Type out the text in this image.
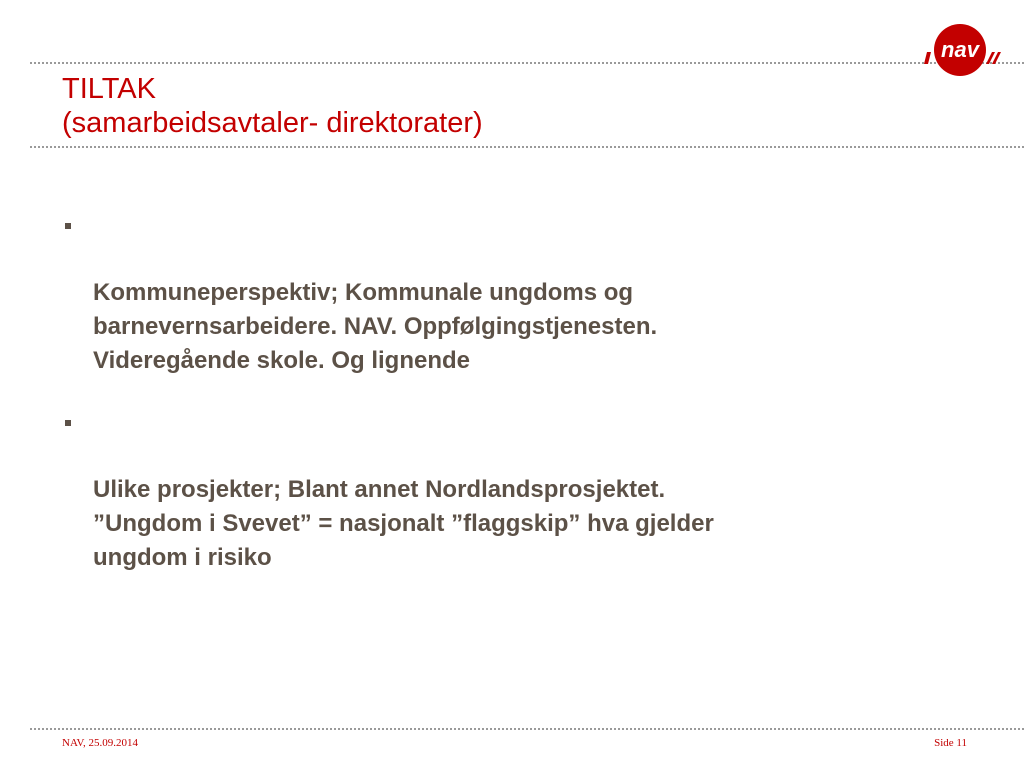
nav
TILTAK
(samarbeidsavtaler- direktorater)

Kommuneperspektiv; Kommunale ungdoms og
barnevernsarbeidere. NAV. Oppfølgingstjenesten.
Videregående skole. Og lignende

Ulike prosjekter; Blant annet Nordlandsprosjektet.
”Ungdom i Svevet” = nasjonalt ”flaggskip” hva gjelder
ungdom i risiko

NAV, 25.09.2014	Side 11
